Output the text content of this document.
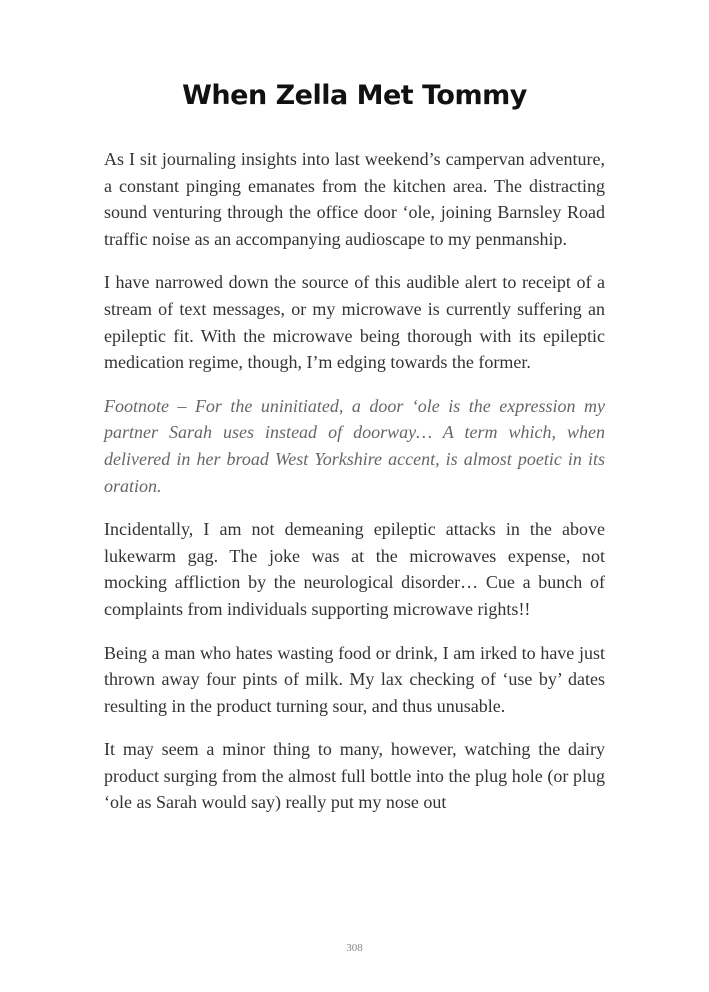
When Zella Met Tommy

As I sit journaling insights into last weekend’s campervan adventure, a constant pinging emanates from the kitchen area. The distracting sound venturing through the office door ‘ole, joining Barnsley Road traffic noise as an accompanying audioscape to my penmanship.

I have narrowed down the source of this audible alert to receipt of a stream of text messages, or my microwave is currently suffering an epileptic fit. With the microwave being thorough with its epileptic medication regime, though, I’m edging towards the former.

Footnote – For the uninitiated, a door ‘ole is the expression my partner Sarah uses instead of doorway… A term which, when delivered in her broad West Yorkshire accent, is almost poetic in its oration.

Incidentally, I am not demeaning epileptic attacks in the above lukewarm gag. The joke was at the microwaves expense, not mocking affliction by the neurological disorder… Cue a bunch of complaints from individuals supporting microwave rights!!

Being a man who hates wasting food or drink, I am irked to have just thrown away four pints of milk. My lax checking of ‘use by’ dates resulting in the product turning sour, and thus unusable.

It may seem a minor thing to many, however, watching the dairy product surging from the almost full bottle into the plug hole (or plug ‘ole as Sarah would say) really put my nose out

308
